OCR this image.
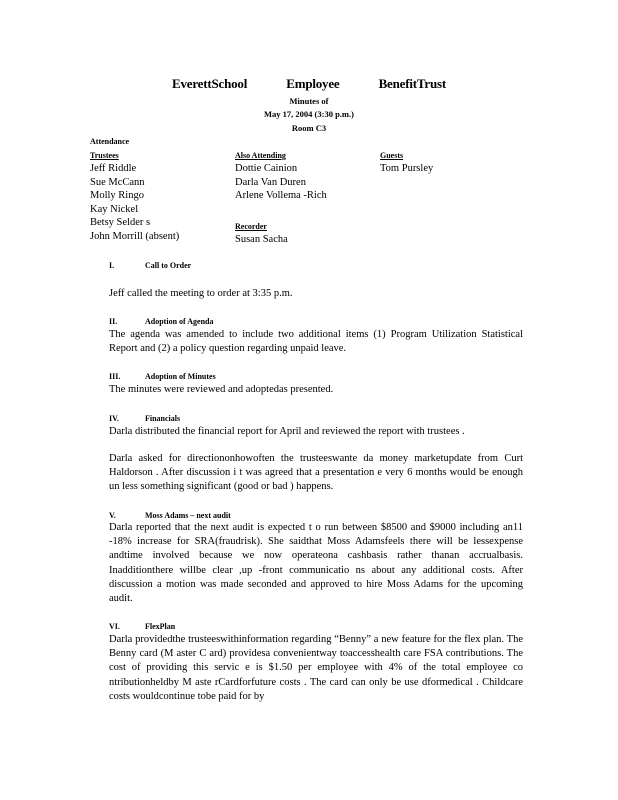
EverettSchool	Employee	BenefitTrust
Minutes of
May 17, 2004 (3:30 p.m.)
Room C3
Attendance
Trustees
Jeff Riddle
Sue McCann
Molly Ringo
Kay Nickel
Betsy Selder s
John Morrill (absent)
Also Attending
Dottie Cainion
Darla Van Duren
Arlene Vollema -Rich
Recorder
Susan Sacha
Guests
Tom Pursley
I.	Call to Order
Jeff called the meeting to order at 3:35 p.m.
II.	Adoption of Agenda
The agenda was amended to include two additional items (1) Program Utilization Statistical Report and (2) a policy question regarding unpaid leave.
III.	Adoption of Minutes
The minutes were reviewed and adoptedas presented.
IV.	Financials
Darla distributed the financial report for April and reviewed the report with trustees .
Darla asked for directiononhowoften the trusteeswante da money marketupdate from Curt Haldorson . After discussion i t was agreed that a presentation e very 6 months would be enough un less something significant (good or bad ) happens.
V.	Moss Adams – next audit
Darla reported that the next audit is expected t o run between $8500 and $9000 including an11 -18% increase for SRA(fraudrisk). She saidthat Moss Adamsfeels there will be lessexpense andtime involved because we now operateona cashbasis rather thanan accrualbasis. Inadditionthere willbe clear ,up -front communicatio ns about any additional costs. After discussion a motion was made seconded and approved to hire Moss Adams for the upcoming audit.
VI.	FlexPlan
Darla providedthe trusteeswithinformation regarding “Benny” a new feature for the flex plan. The Benny card (M aster C ard) providesa convenientway toaccesshealth care FSA contributions. The cost of providing this servic e is $1.50 per employee with 4% of the total employee co ntributionheldby M aste rCardforfuture costs . The card can only be use dformedical . Childcare costs wouldcontinue tobe paid for by
